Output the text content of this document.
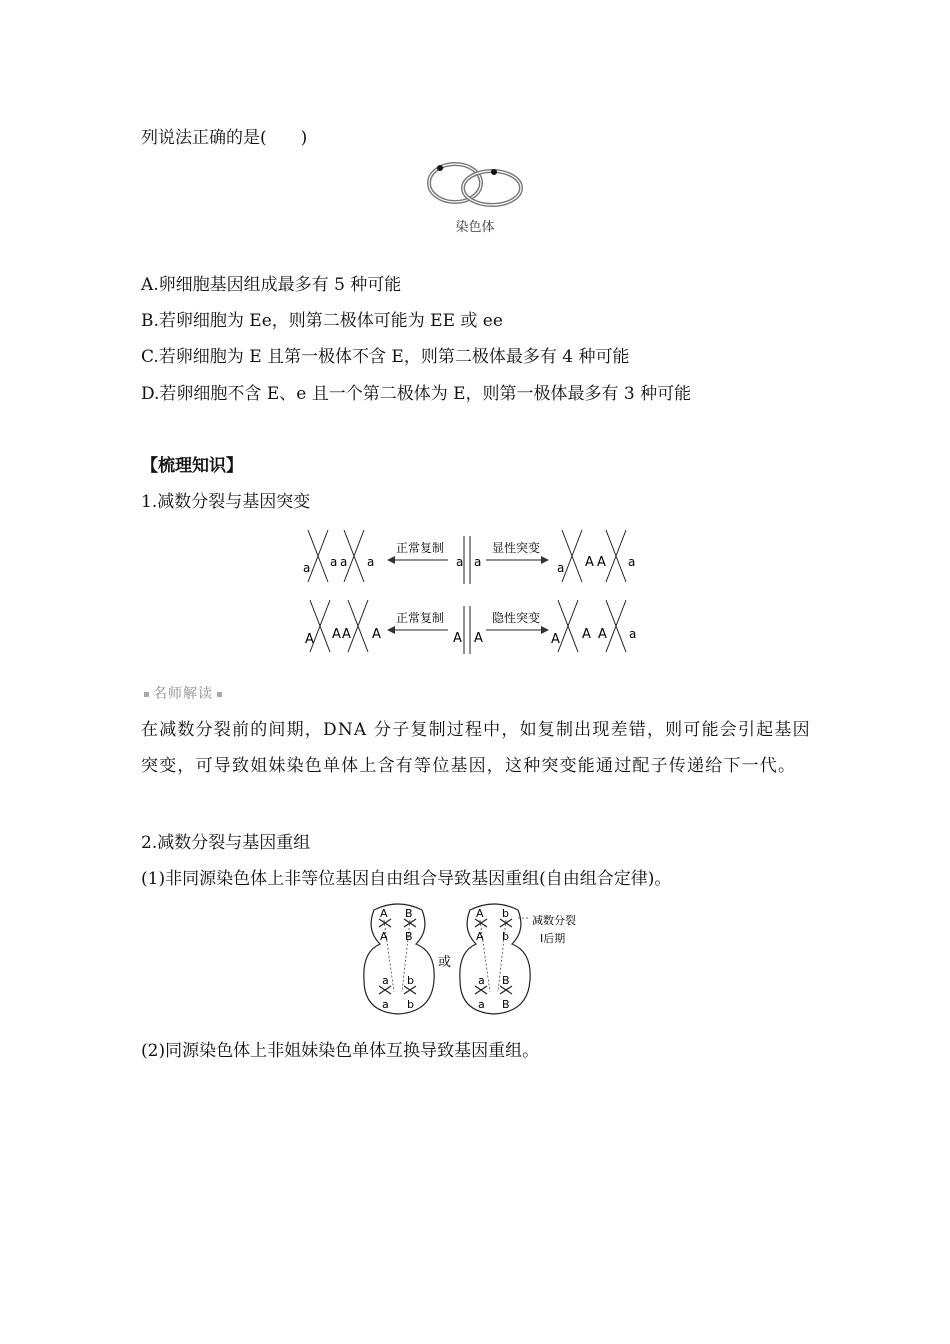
列说法正确的是(　　)
染色体
A.卵细胞基因组成最多有 5 种可能
B.若卵细胞为 Ee，则第二极体可能为 EE 或 ee
C.若卵细胞为 E 且第一极体不含 E，则第二极体最多有 4 种可能
D.若卵细胞不含 E、e 且一个第二极体为 E，则第一极体最多有 3 种可能
【梳理知识】
1.减数分裂与基因突变
a a a a	a a	a A A a
正常复制	显性突变
A A A A	A A	A A A a
正常复制	隐性突变
名师解读
在减数分裂前的间期，DNA 分子复制过程中，如复制出现差错，则可能会引起基因突变，可导致姐妹染色单体上含有等位基因，这种突变能通过配子传递给下一代。
2.减数分裂与基因重组
(1)非同源染色体上非等位基因自由组合导致基因重组(自由组合定律)。
A B
A B
a
a
b
b
A b
A b
a
a
B
B
或
减数分裂
Ⅰ后期
(2)同源染色体上非姐妹染色单体互换导致基因重组。
